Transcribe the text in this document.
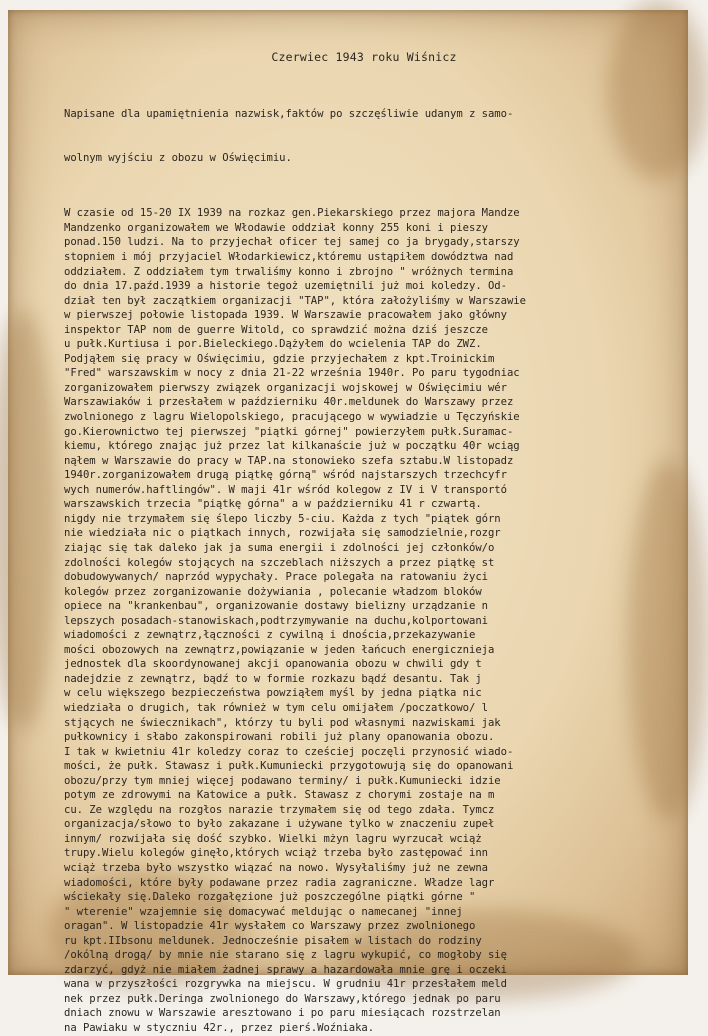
Czerwiec 1943 roku Wiśnicz

Napisane dla upamiętnienia nazwisk,faktów po szczęśliwie udanym z samo-

wolnym wyjściu z obozu w Oświęcimiu.

W czasie od 15-20 IX 1939 na rozkaz gen.Piekarskiego przez majora Mandze
Mandzenko organizowałem we Włodawie oddział konny 255 koni i pieszy
ponad.150 ludzi. Na to przyjechał oficer tej samej co ja brygady,starszy
stopniem i mój przyjaciel Włodarkiewicz,któremu ustąpiłem dowództwa nad
oddziałem. Z oddziałem tym trwaliśmy konno i zbrojno " wróżnych termina
do dnia 17.paźd.1939 a historie tegoż uzemiętnili już moi koledzy. Od-
dział ten był zaczątkiem organizacji "TAP", która założyliśmy w Warszawie
w pierwszej połowie listopada 1939. W Warszawie pracowałem jako główny
inspektor TAP nom de guerre Witold, co sprawdzić można dziś jeszcze
u pułk.Kurtiusa i por.Bieleckiego.Dążyłem do wcielenia TAP do ZWZ.
Podjąłem się pracy w Oświęcimiu, gdzie przyjechałem z kpt.Troinickim
"Fred" warszawskim w nocy z dnia 21-22 września 1940r. Po paru tygodniac
zorganizowałem pierwszy związek organizacji wojskowej w Oświęcimiu wér
Warszawiaków i przesłałem w październiku 40r.meldunek do Warszawy przez
zwolnionego z lagru Wielopolskiego, pracującego w wywiadzie u Tęczyńskie
go.Kierownictwo tej pierwszej "piątki górnej" powierzyłem pułk.Suramac-
kiemu, którego znając już przez lat kilkanaście już w początku 40r wciąg
nąłem w Warszawie do pracy w TAP.na stonowieko szefa sztabu.W listopadz
1940r.zorganizowałem drugą piątkę górną" wśród najstarszych trzechcyfr
wych numerów.haftlingów". W maji 41r wśród kolegow z IV i V transportó
warszawskich trzecia "piątkę górna" a w październiku 41 r czwartą.
nigdy nie trzymałem się ślepo liczby 5-ciu. Każda z tych "piątek górn
nie wiedziała nic o piątkach innych, rozwijała się samodzielnie,rozgr
ziając się tak daleko jak ja suma energii i zdolności jej członków/o
zdolności kolegów stojących na szczeblach niższych a przez piątkę st
dobudowywanych/ naprzód wypychały. Prace polegała na ratowaniu życi
kolegów przez zorganizowanie dożywiania , polecanie władzom bloków
opiece na "krankenbau", organizowanie dostawy bielizny urządzanie n
lepszych posadach-stanowiskach,podtrzymywanie na duchu,kolportowani
wiadomości z zewnątrz,łączności z cywilną i dnościa,przekazywanie
mości obozowych na zewnątrz,powiązanie w jeden łańcuch energicznieja
jednostek dla skoordynowanej akcji opanowania obozu w chwili gdy t
nadejdzie z zewnątrz, bądź to w formie rozkazu bądź desantu. Tak j
w celu większego bezpieczeństwa powziąłem myśl by jedna piątka nic
wiedziała o drugich, tak również w tym celu omijałem /poczatkowo/ l
stjących ne świecznikach", którzy tu byli pod własnymi nazwiskami jak
pułkownicy i słabo zakonspirowani robili już plany opanowania obozu.
I tak w kwietniu 41r koledzy coraz to cześciej poczęli przynosić wiado-
mości, że pułk. Stawasz i pułk.Kumuniecki przygotowują się do opanowani
obozu/przy tym mniej więcej podawano terminy/ i pułk.Kumuniecki idzie
potym ze zdrowymi na Katowice a pułk. Stawasz z chorymi zostaje na m
cu. Ze względu na rozgłos narazie trzymałem się od tego zdała. Tymcz
organizacja/słowo to było zakazane i używane tylko w znaczeniu zupeł
innym/ rozwijała się dość szybko. Wielki mżyn lagru wyrzucał wciąż
trupy.Wielu kolegów ginęło,których wciąż trzeba było zastępować inn
wciąż trzeba było wszystko wiązać na nowo. Wysyłaliśmy już ne zewna
wiadomości, które były podawane przez radia zagraniczne. Władze lagr
wściekały się.Daleko rozgałęzione już poszczególne piątki górne "
" wterenie" wzajemnie się domacywać meldując o namecanej "innej
oragan". W listopadzie 41r wysłałem co Warszawy przez zwolnionego
ru kpt.IIbsonu meldunek. Jednocześnie pisałem w listach do rodziny
/okólną drogą/ by mnie nie starano się z lagru wykupić, co mogłoby się
zdarzyć, gdyż nie miałem żadnej sprawy a hazardowała mnie grę i oczeki
wana w przyszłości rozgrywka na miejscu. W grudniu 41r przesłałem meld
nek przez pułk.Deringa zwolnionego do Warszawy,którego jednak po paru
dniach znowu w Warszawie aresztowano i po paru miesiącach rozstrzelan
na Pawiaku w styczniu 42r., przez pierś.Woźniaka.
